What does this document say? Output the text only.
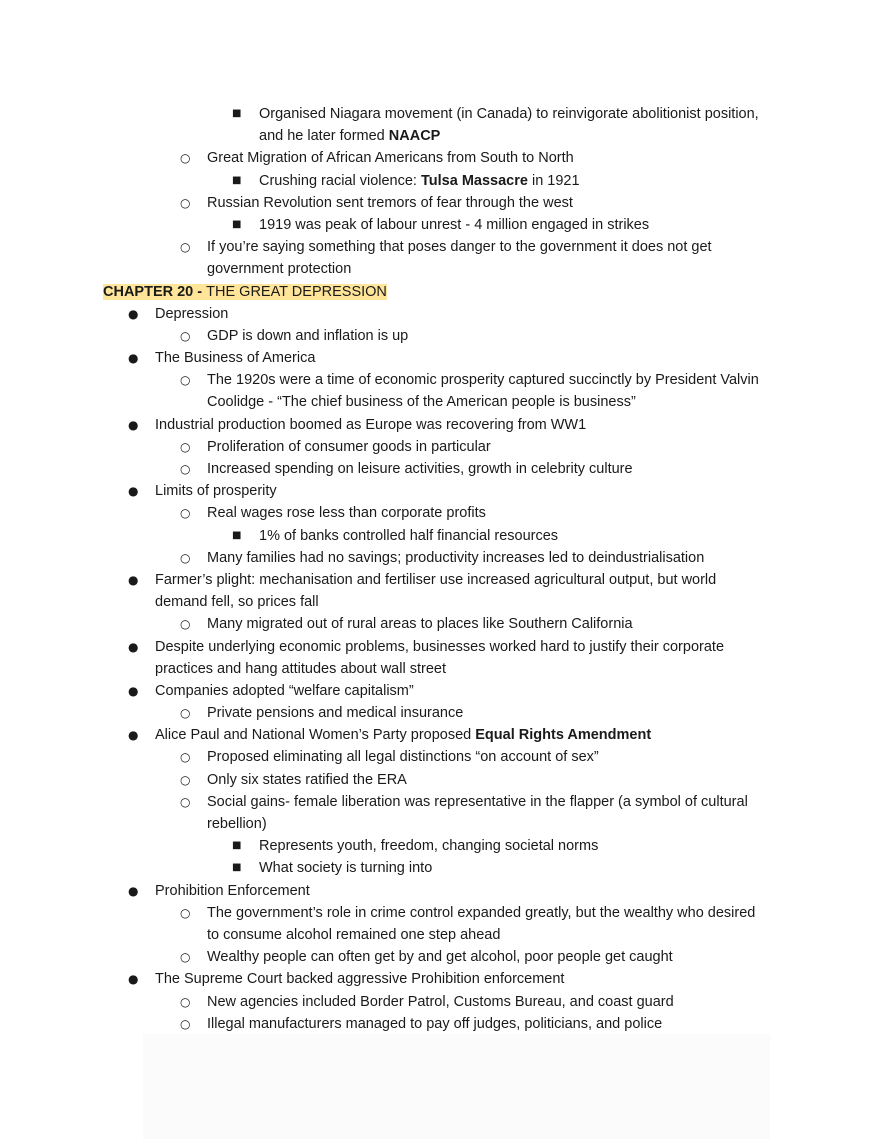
■ Organised Niagara movement (in Canada) to reinvigorate abolitionist position,
and he later formed NAACP
○ Great Migration of African Americans from South to North
■ Crushing racial violence: Tulsa Massacre in 1921
○ Russian Revolution sent tremors of fear through the west
■ 1919 was peak of labour unrest - 4 million engaged in strikes
○ If you’re saying something that poses danger to the government it does not get
government protection
CHAPTER 20 - THE GREAT DEPRESSION
● Depression
○ GDP is down and inflation is up
● The Business of America
○ The 1920s were a time of economic prosperity captured succinctly by President Valvin
Coolidge - “The chief business of the American people is business”
● Industrial production boomed as Europe was recovering from WW1
○ Proliferation of consumer goods in particular
○ Increased spending on leisure activities, growth in celebrity culture
● Limits of prosperity
○ Real wages rose less than corporate profits
■ 1% of banks controlled half financial resources
○ Many families had no savings; productivity increases led to deindustrialisation
● Farmer’s plight: mechanisation and fertiliser use increased agricultural output, but world
demand fell, so prices fall
○ Many migrated out of rural areas to places like Southern California
● Despite underlying economic problems, businesses worked hard to justify their corporate
practices and hang attitudes about wall street
● Companies adopted “welfare capitalism”
○ Private pensions and medical insurance
● Alice Paul and National Women’s Party proposed Equal Rights Amendment
○ Proposed eliminating all legal distinctions “on account of sex”
○ Only six states ratified the ERA
○ Social gains- female liberation was representative in the flapper (a symbol of cultural
rebellion)
■ Represents youth, freedom, changing societal norms
■ What society is turning into
● Prohibition Enforcement
○ The government’s role in crime control expanded greatly, but the wealthy who desired
to consume alcohol remained one step ahead
○ Wealthy people can often get by and get alcohol, poor people get caught
● The Supreme Court backed aggressive Prohibition enforcement
○ New agencies included Border Patrol, Customs Bureau, and coast guard
○ Illegal manufacturers managed to pay off judges, politicians, and police
